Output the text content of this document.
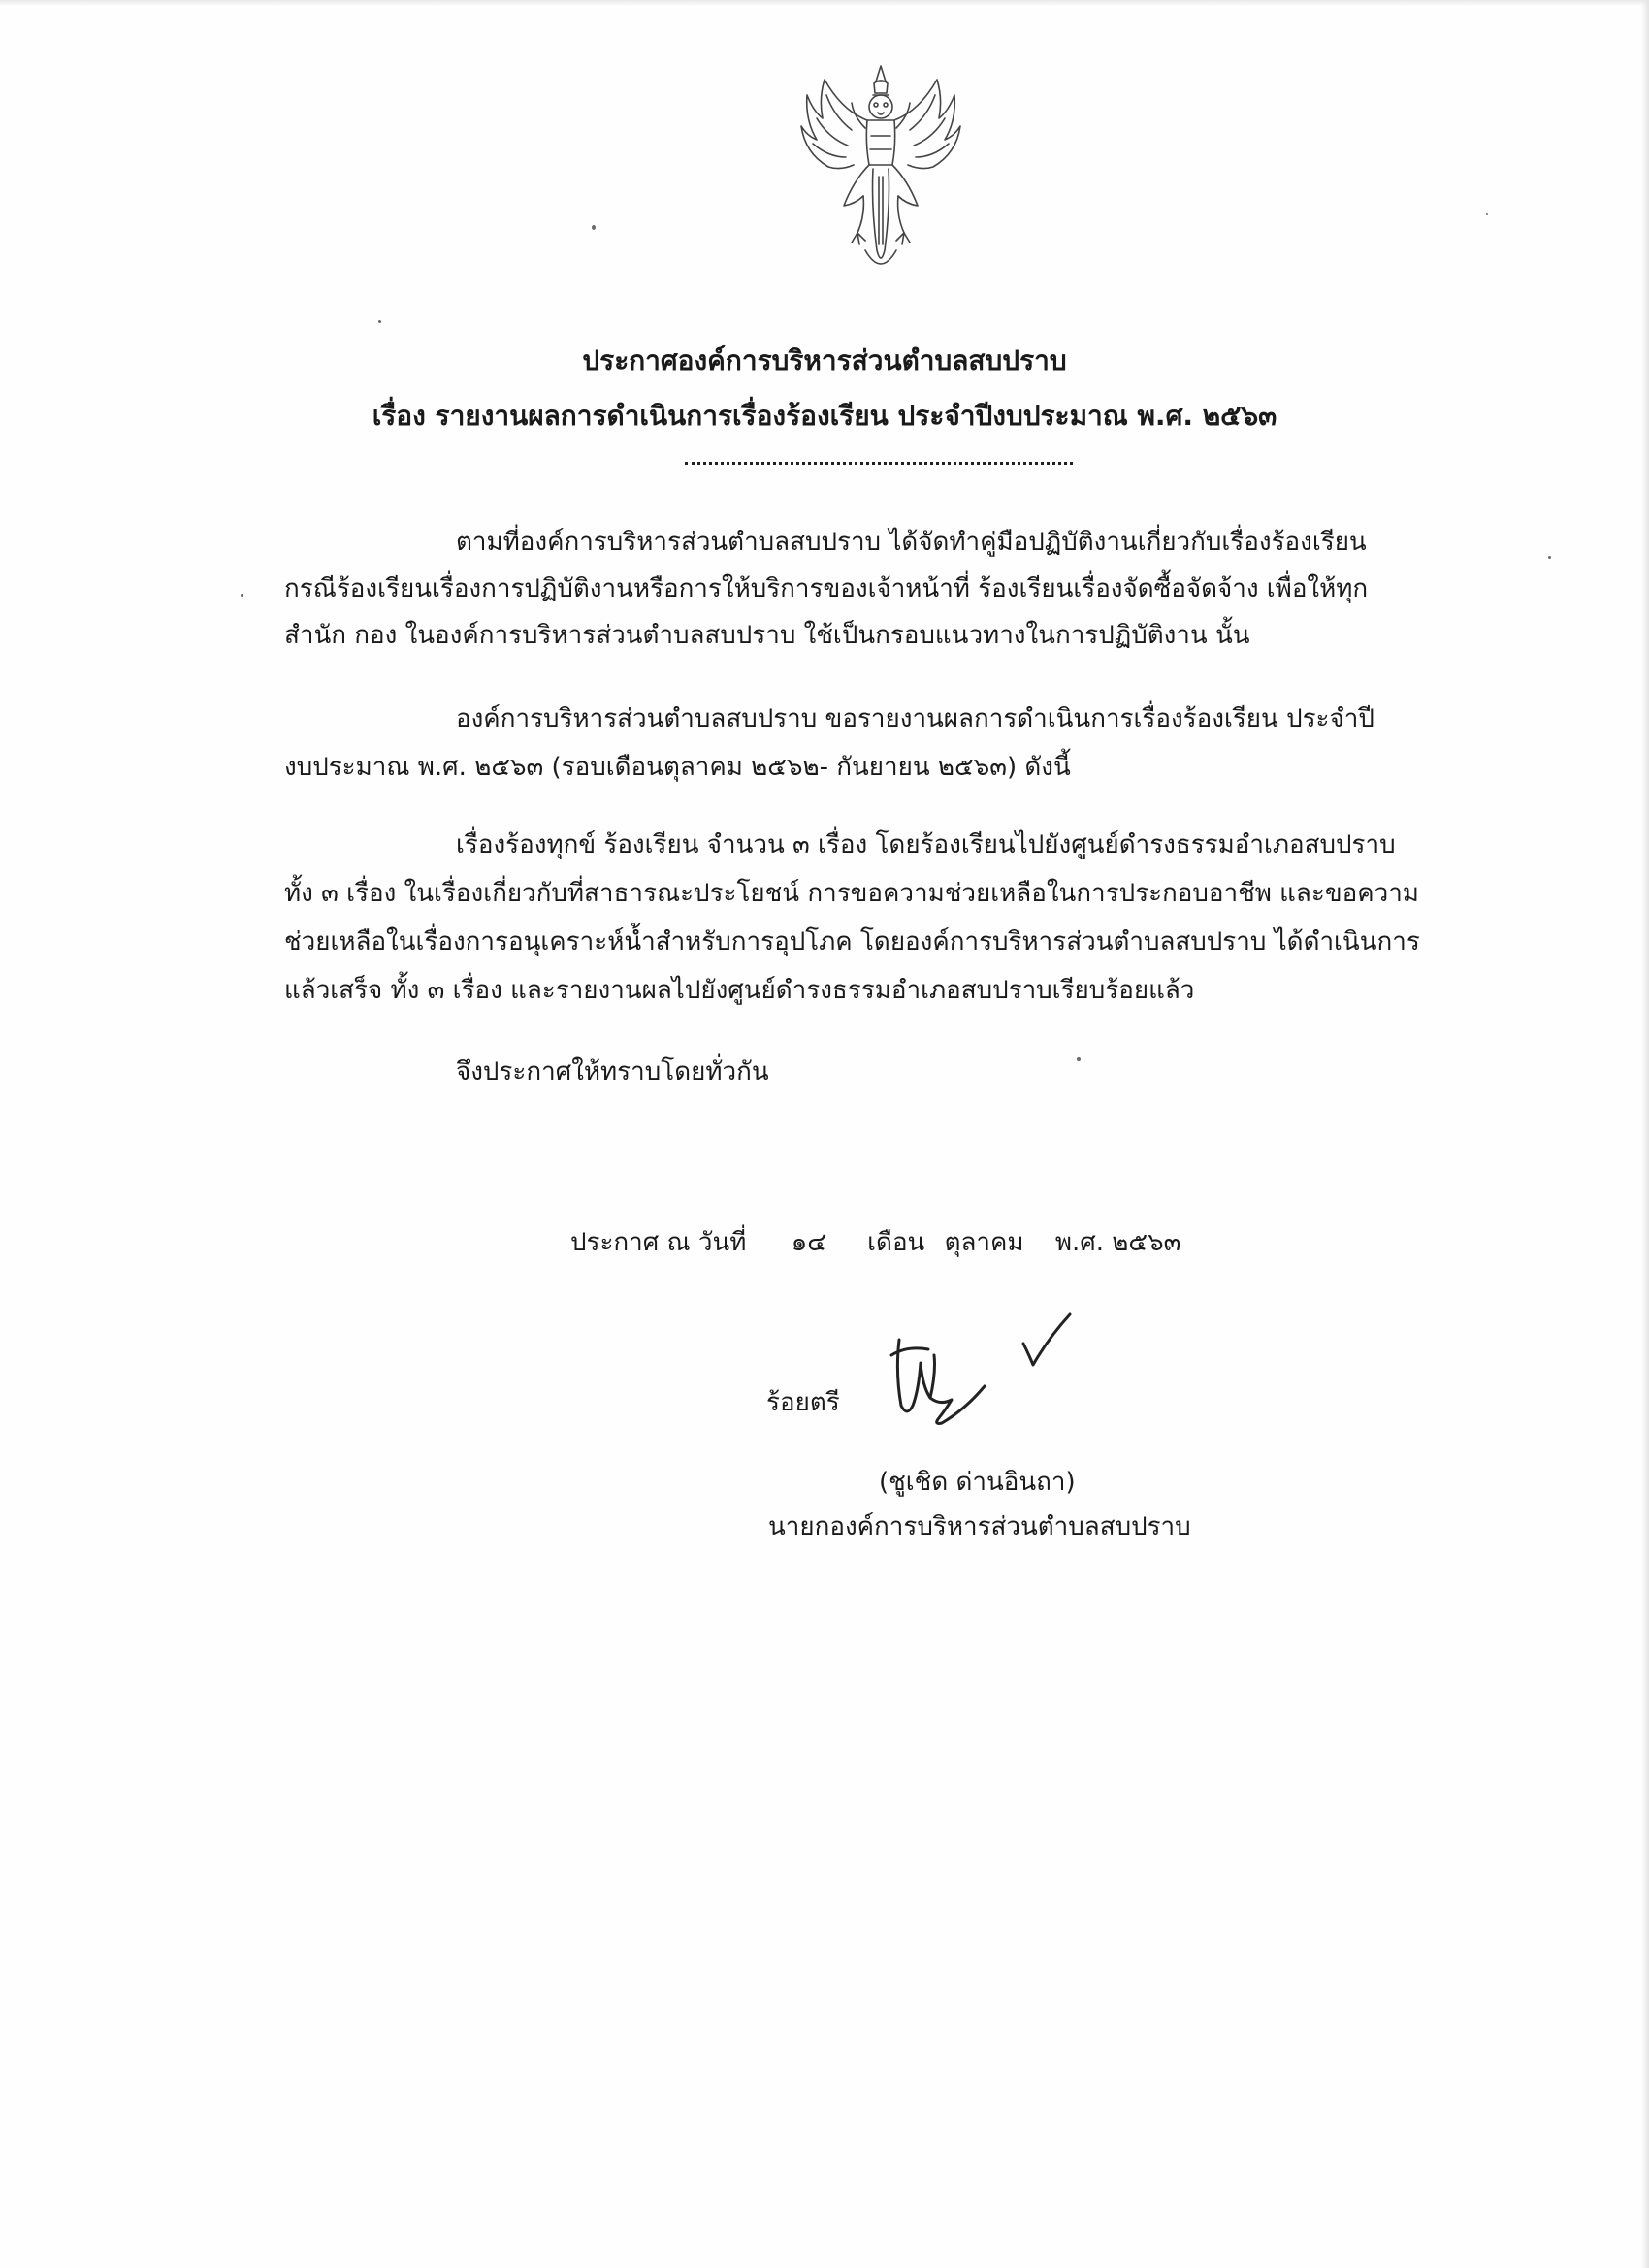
ประกาศองค์การบริหารส่วนตำบลสบปราบ
เรื่อง รายงานผลการดำเนินการเรื่องร้องเรียน ประจำปีงบประมาณ พ.ศ. ๒๕๖๓
ตามที่องค์การบริหารส่วนตำบลสบปราบ ได้จัดทำคู่มือปฏิบัติงานเกี่ยวกับเรื่องร้องเรียน
กรณีร้องเรียนเรื่องการปฏิบัติงานหรือการให้บริการของเจ้าหน้าที่ ร้องเรียนเรื่องจัดซื้อจัดจ้าง เพื่อให้ทุก
สำนัก กอง ในองค์การบริหารส่วนตำบลสบปราบ ใช้เป็นกรอบแนวทางในการปฏิบัติงาน นั้น
องค์การบริหารส่วนตำบลสบปราบ ขอรายงานผลการดำเนินการเรื่องร้องเรียน ประจำปี
งบประมาณ พ.ศ. ๒๕๖๓ (รอบเดือนตุลาคม ๒๕๖๒- กันยายน ๒๕๖๓) ดังนี้
เรื่องร้องทุกข์ ร้องเรียน จำนวน ๓ เรื่อง โดยร้องเรียนไปยังศูนย์ดำรงธรรมอำเภอสบปราบ
ทั้ง ๓ เรื่อง ในเรื่องเกี่ยวกับที่สาธารณะประโยชน์ การขอความช่วยเหลือในการประกอบอาชีพ และขอความ
ช่วยเหลือในเรื่องการอนุเคราะห์น้ำสำหรับการอุปโภค โดยองค์การบริหารส่วนตำบลสบปราบ ได้ดำเนินการ
แล้วเสร็จ ทั้ง ๓ เรื่อง และรายงานผลไปยังศูนย์ดำรงธรรมอำเภอสบปราบเรียบร้อยแล้ว
จึงประกาศให้ทราบโดยทั่วกัน
ประกาศ ณ วันที่ ๑๔ เดือน ตุลาคม พ.ศ. ๒๕๖๓
ร้อยตรี
(ชูเชิด ด่านอินถา)
นายกองค์การบริหารส่วนตำบลสบปราบ
